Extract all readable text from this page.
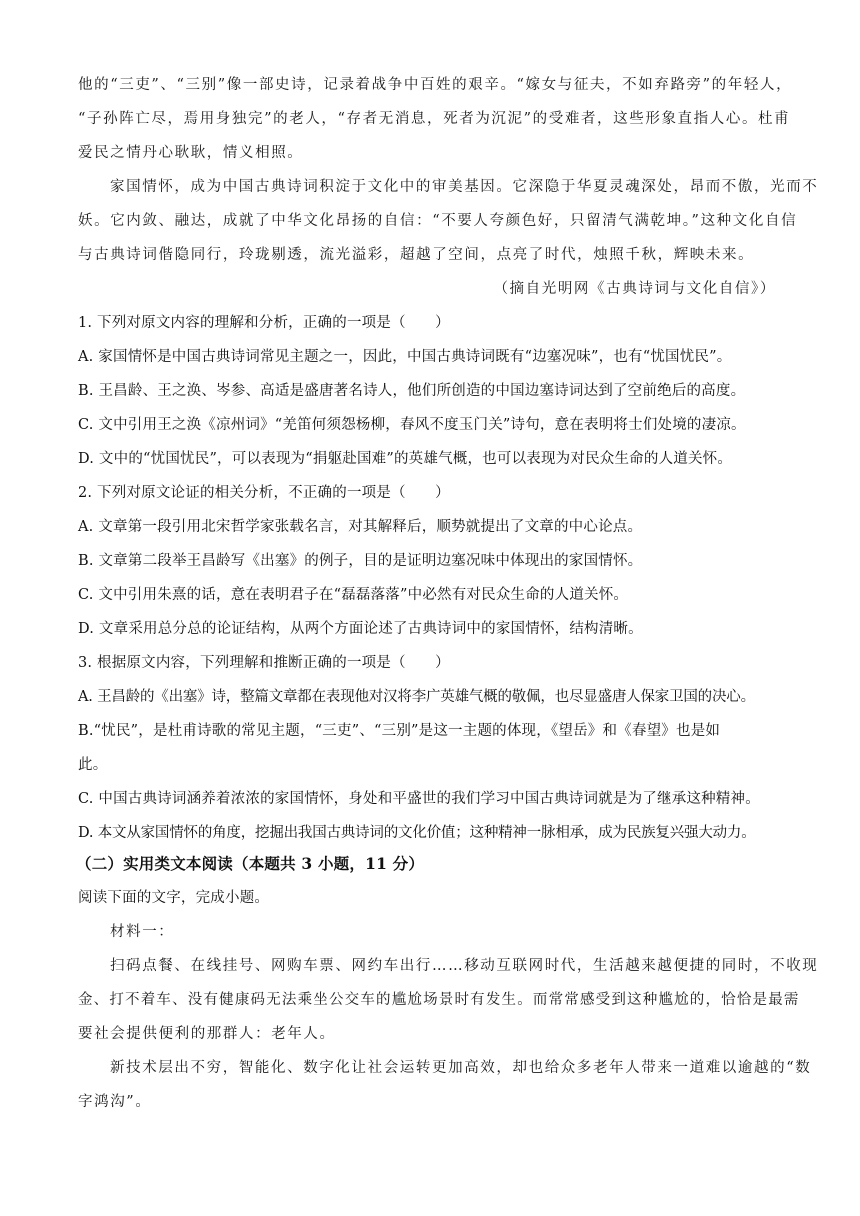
他的“三吏”、“三别”像一部史诗，记录着战争中百姓的艰辛。“嫁女与征夫，不如弃路旁”的年轻人，
“子孙阵亡尽，焉用身独完”的老人，“存者无消息，死者为沉泥”的受难者，这些形象直指人心。杜甫
爱民之情丹心耿耿，情义相照。
家国情怀，成为中国古典诗词积淀于文化中的审美基因。它深隐于华夏灵魂深处，昂而不傲，光而不
妖。它内敛、融达，成就了中华文化昂扬的自信：“不要人夸颜色好，只留清气满乾坤。”这种文化自信
与古典诗词偕隐同行，玲珑剔透，流光溢彩，超越了空间，点亮了时代，烛照千秋，辉映未来。
（摘自光明网《古典诗词与文化自信》）
1. 下列对原文内容的理解和分析，正确的一项是（　　）
A. 家国情怀是中国古典诗词常见主题之一，因此，中国古典诗词既有“边塞况味”，也有“忧国忧民”。
B. 王昌龄、王之涣、岑参、高适是盛唐著名诗人，他们所创造的中国边塞诗词达到了空前绝后的高度。
C. 文中引用王之涣《凉州词》“羌笛何须怨杨柳，春风不度玉门关”诗句，意在表明将士们处境的凄凉。
D. 文中的“忧国忧民”，可以表现为“捐躯赴国难”的英雄气概，也可以表现为对民众生命的人道关怀。
2. 下列对原文论证的相关分析，不正确的一项是（　　）
A. 文章第一段引用北宋哲学家张载名言，对其解释后，顺势就提出了文章的中心论点。
B. 文章第二段举王昌龄写《出塞》的例子，目的是证明边塞况味中体现出的家国情怀。
C. 文中引用朱熹的话，意在表明君子在“磊磊落落”中必然有对民众生命的人道关怀。
D. 文章采用总分总的论证结构，从两个方面论述了古典诗词中的家国情怀，结构清晰。
3. 根据原文内容，下列理解和推断正确的一项是（　　）
A. 王昌龄的《出塞》诗，整篇文章都在表现他对汉将李广英雄气概的敬佩，也尽显盛唐人保家卫国的决心。
B.“忧民”，是杜甫诗歌的常见主题，“三吏”、“三别”是这一主题的体现，《望岳》和《春望》也是如
此。
C. 中国古典诗词涵养着浓浓的家国情怀，身处和平盛世的我们学习中国古典诗词就是为了继承这种精神。
D. 本文从家国情怀的角度，挖掘出我国古典诗词的文化价值；这种精神一脉相承，成为民族复兴强大动力。
（二）实用类文本阅读（本题共 3 小题，11 分）
阅读下面的文字，完成小题。
材料一：
扫码点餐、在线挂号、网购车票、网约车出行……移动互联网时代，生活越来越便捷的同时，不收现
金、打不着车、没有健康码无法乘坐公交车的尴尬场景时有发生。而常常感受到这种尴尬的，恰恰是最需
要社会提供便利的那群人：老年人。
新技术层出不穷，智能化、数字化让社会运转更加高效，却也给众多老年人带来一道难以逾越的“数
字鸿沟”。
